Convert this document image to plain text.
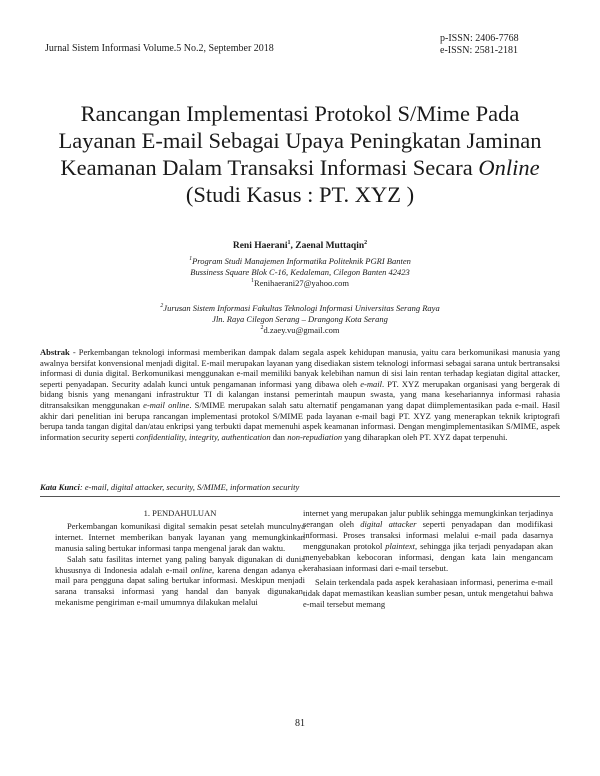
Jurnal Sistem Informasi Volume.5 No.2, September 2018
p-ISSN: 2406-7768
e-ISSN: 2581-2181
Rancangan Implementasi Protokol S/Mime Pada
Layanan E-mail Sebagai Upaya Peningkatan Jaminan
Keamanan Dalam Transaksi Informasi Secara Online
(Studi Kasus : PT. XYZ )
Reni Haerani$^1$, Zaenal Muttaqin$^2$
$^1$Program Studi Manajemen Informatika Politeknik PGRI Banten
Bussiness Square Blok C-16, Kedaleman, Cilegon Banten 42423
$^1$Renihaerani27@yahoo.com
$^2$Jurusan Sistem Informasi Fakultas Teknologi Informasi Universitas Serang Raya
Jln. Raya Cilegon Serang – Drangong Kota Serang
$^2$d.zaey.vu@gmail.com
Abstrak - Perkembangan teknologi informasi memberikan dampak dalam segala aspek kehidupan manusia, yaitu cara berkomunikasi manusia yang awalnya bersifat konvensional menjadi digital. E-mail merupakan layanan yang disediakan sistem teknologi informasi sebagai sarana untuk bertransaksi informasi di dunia digital. Berkomunikasi menggunakan e-mail memiliki banyak kelebihan namun di sisi lain rentan terhadap kegiatan digital attacker, seperti penyadapan. Security adalah kunci untuk pengamanan informasi yang dibawa oleh e-mail. PT. XYZ merupakan organisasi yang bergerak di bidang bisnis yang menangani infrastruktur TI di kalangan instansi pemerintah maupun swasta, yang mana kesehariannya informasi rahasia ditransaksikan menggunakan e-mail online. S/MIME merupakan salah satu alternatif pengamanan yang dapat diimplementasikan pada e-mail. Hasil akhir dari penelitian ini berupa rancangan implementasi protokol S/MIME pada layanan e-mail bagi PT. XYZ yang menerapkan teknik kriptografi berupa tanda tangan digital dan/atau enkripsi yang terbukti dapat memenuhi aspek keamanan informasi. Dengan mengimplementasikan S/MIME, aspek information security seperti confidentiality, integrity, authentication dan non-repudiation yang diharapkan oleh PT. XYZ dapat terpenuhi.
Kata Kunci: e-mail, digital attacker, security, S/MIME, information security

1. PENDAHULUAN

Perkembangan komunikasi digital semakin pesat setelah munculnya internet. Internet memberikan banyak layanan yang memungkinkan manusia saling bertukar informasi tanpa mengenal jarak dan waktu.

Salah satu fasilitas internet yang paling banyak digunakan di dunia khususnya di Indonesia adalah e-mail online, karena dengan adanya e-mail para pengguna dapat saling bertukar informasi. Meskipun menjadi sarana transaksi informasi yang handal dan banyak digunakan, mekanisme pengiriman e-mail umumnya dilakukan melalui

internet yang merupakan jalur publik sehingga memungkinkan terjadinya serangan oleh digital attacker seperti penyadapan dan modifikasi informasi. Proses transaksi informasi melalui e-mail pada dasarnya menggunakan protokol plaintext, sehingga jika terjadi penyadapan akan menyebabkan kebocoran informasi, dengan kata lain mengancam kerahasiaan informasi dari e-mail tersebut.

Selain terkendala pada aspek kerahasiaan informasi, penerima e-mail tidak dapat memastikan keaslian sumber pesan, untuk mengetahui bahwa e-mail tersebut memang

81
